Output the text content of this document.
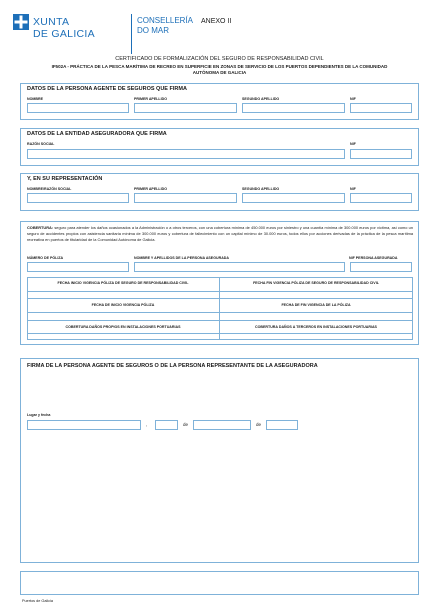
XUNTA
DE GALICIA
CONSELLERÍA
DO MAR
ANEXO II
CERTIFICADO DE FORMALIZACIÓN DEL SEGURO DE RESPONSABILIDAD CIVIL
IF502A - PRÁCTICA DE LA PESCA MARÍTIMA DE RECREO EN SUPERFICIE EN ZONAS DE SERVICIO DE LOS PUERTOS DEPENDIENTES DE LA COMUNIDAD
AUTÓNOMA DE GALICIA
DATOS DE LA PERSONA AGENTE DE SEGUROS QUE FIRMA
NOMBRE	PRIMER APELLIDO	SEGUNDO APELLIDO	NIF
DATOS DE LA ENTIDAD ASEGURADORA QUE FIRMA
RAZÓN SOCIAL	NIF
Y, EN SU REPRESENTACIÓN
NOMBRE/RAZÓN SOCIAL	PRIMER APELLIDO	SEGUNDO APELLIDO	NIF
COBERTURA: seguro para atender los daños ocasionados a la Administración o a otros terceros, con una cobertura mínima de 450.000 euros por siniestro y una cuantía mínima de 300.000 euros por víctima, así como un seguro de accidentes propios con asistencia sanitaria mínima de 300.000 euros y cobertura de fallecimiento con un capital mínimo de 30.000 euros, todos ellos por acciones derivadas de la práctica de la pesca marítima recreativa en puertos de titularidad de la Comunidad Autónoma de Galicia.
NÚMERO DE PÓLIZA	NOMBRE Y APELLIDOS DE LA PERSONA ASEGURADA	NIF PERSONA ASEGURADA
FECHA INICIO VIGENCIA PÓLIZA DE SEGURO DE RESPONSABILIDAD CIVIL	FECHA FIN VIGENCIA PÓLIZA DE SEGURO DE RESPONSABILIDAD CIVIL
FECHA DE INICIO VIGENCIA PÓLIZA	FECHA DE FIN VIGENCIA DE LA PÓLIZA
COBERTURA DAÑOS PROPIOS EN INSTALACIONES PORTUARIAS	COBERTURA DAÑOS A TERCEROS EN INSTALACIONES PORTUARIAS
FIRMA DE LA PERSONA AGENTE DE SEGUROS O DE LA PERSONA REPRESENTANTE DE LA ASEGURADORA
Lugar y fecha
,	de	de
Puertos de Galicia
